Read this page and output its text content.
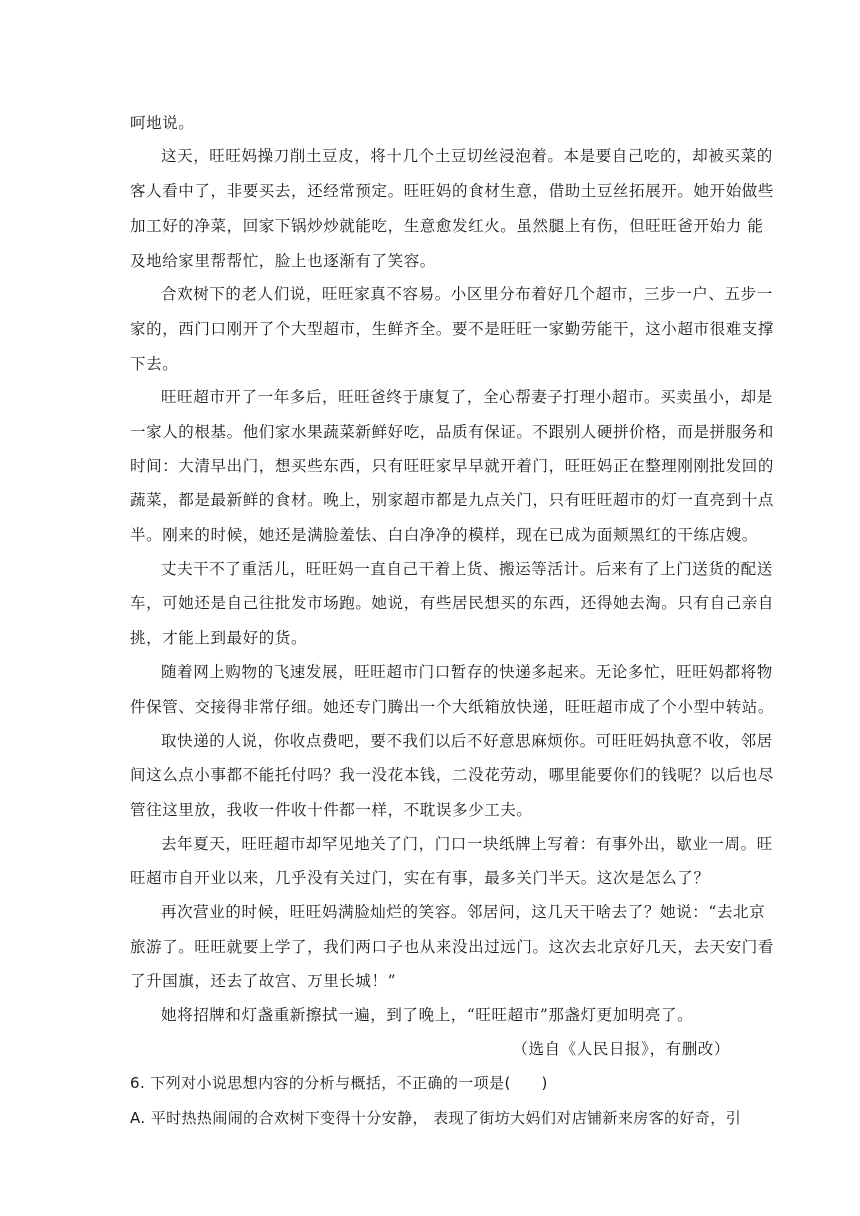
呵地说。
这天，旺旺妈操刀削土豆皮，将十几个土豆切丝浸泡着。本是要自己吃的，却被买菜的
客人看中了，非要买去，还经常预定。旺旺妈的食材生意，借助土豆丝拓展开。她开始做些
加工好的净菜，回家下锅炒炒就能吃，生意愈发红火。虽然腿上有伤，但旺旺爸开始力 能
及地给家里帮帮忙，脸上也逐渐有了笑容。
合欢树下的老人们说，旺旺家真不容易。小区里分布着好几个超市，三步一户、五步一
家的，西门口刚开了个大型超市，生鲜齐全。要不是旺旺一家勤劳能干，这小超市很难支撑
下去。
旺旺超市开了一年多后，旺旺爸终于康复了，全心帮妻子打理小超市。买卖虽小，却是
一家人的根基。他们家水果蔬菜新鲜好吃，品质有保证。不跟别人硬拼价格，而是拼服务和
时间：大清早出门，想买些东西，只有旺旺家早早就开着门，旺旺妈正在整理刚刚批发回的
蔬菜，都是最新鲜的食材。晚上，别家超市都是九点关门，只有旺旺超市的灯一直亮到十点
半。刚来的时候，她还是满脸羞怯、白白净净的模样，现在已成为面颊黑红的干练店嫂。
丈夫干不了重活儿，旺旺妈一直自己干着上货、搬运等活计。后来有了上门送货的配送
车，可她还是自己往批发市场跑。她说，有些居民想买的东西，还得她去淘。只有自己亲自
挑，才能上到最好的货。
随着网上购物的飞速发展，旺旺超市门口暂存的快递多起来。无论多忙，旺旺妈都将物
件保管、交接得非常仔细。她还专门腾出一个大纸箱放快递，旺旺超市成了个小型中转站。
取快递的人说，你收点费吧，要不我们以后不好意思麻烦你。可旺旺妈执意不收，邻居
间这么点小事都不能托付吗？我一没花本钱，二没花劳动，哪里能要你们的钱呢？以后也尽
管往这里放，我收一件收十件都一样，不耽误多少工夫。
去年夏天，旺旺超市却罕见地关了门，门口一块纸牌上写着：有事外出，歇业一周。旺
旺超市自开业以来，几乎没有关过门，实在有事，最多关门半天。这次是怎么了？
再次营业的时候，旺旺妈满脸灿烂的笑容。邻居问，这几天干啥去了？她说：“去北京
旅游了。旺旺就要上学了，我们两口子也从来没出过远门。这次去北京好几天，去天安门看
了升国旗，还去了故宫、万里长城！”
她将招牌和灯盏重新擦拭一遍，到了晚上，“旺旺超市”那盏灯更加明亮了。
（选自《人民日报》，有删改）
6. 下列对小说思想内容的分析与概括，不正确的一项是(　　)
A. 平时热热闹闹的合欢树下变得十分安静， 表现了街坊大妈们对店铺新来房客的好奇，引
